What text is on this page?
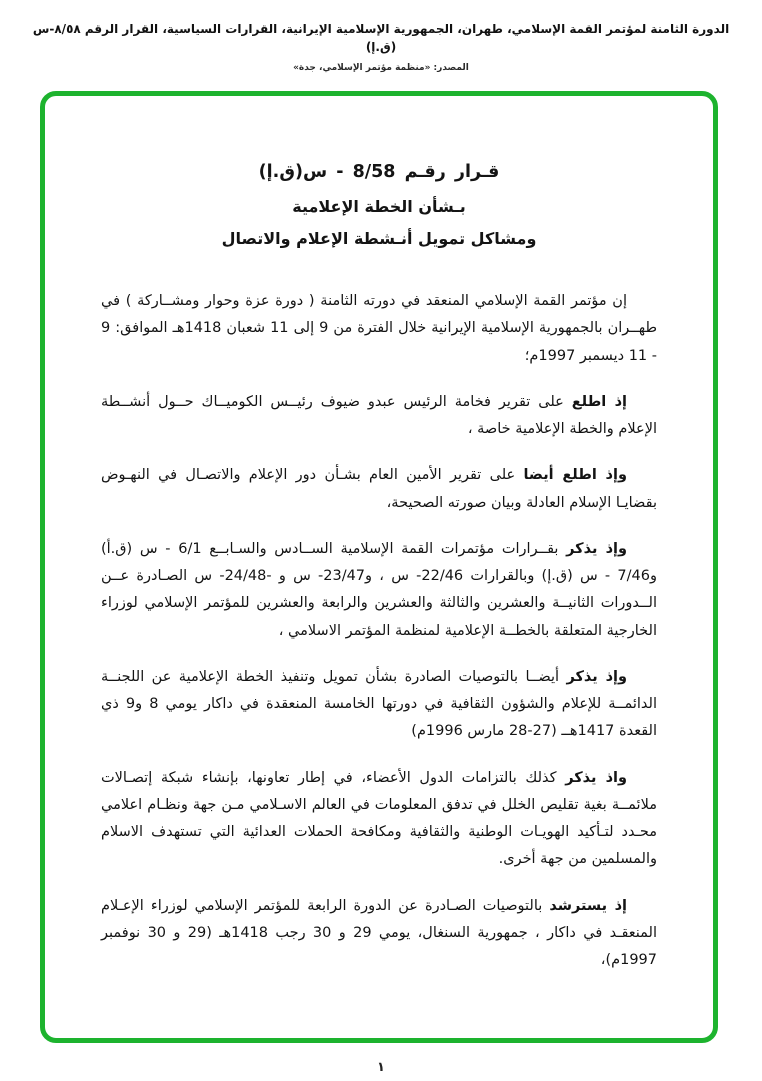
الدورة الثامنة لمؤتمر القمة الإسلامي، طهران، الجمهورية الإسلامية الإيرانية، القرارات السياسية، القرار الرقم ٨/٥٨-س (ق.إ)
المصدر: «منظمة مؤتمر الإسلامي، جدة»
قـرار رقـم 8/58 - س(ق.إ)
بـشأن الخطة الإعلامية
ومشاكل تمويل أنـشطة الإعلام والاتصال

إن مؤتمر القمة الإسلامي المنعقد في دورته الثامنة ( دورة عزة وحوار ومشــاركة ) في طهــران بالجمهورية الإسلامية الإيرانية خلال الفترة من 9 إلى 11 شعبان 1418هـ الموافق: 9 - 11 ديسمبر 1997م؛

إذ اطلع على تقرير فخامة الرئيس عبدو ضيوف رئيــس الكوميــاك حــول أنشــطة الإعلام والخطة الإعلامية خاصة ،

وإذ اطلع أيضا على تقرير الأمين العام بشـأن دور الإعلام والاتصـال في النهـوض بقضايـا الإسلام العادلة وبيان صورته الصحيحة،

وإذ يذكر بقــرارات مؤتمرات القمة الإسلامية الســادس والسـابــع 6/1 - س (ق.أ) و7/46 - س (ق.إ) وبالقرارات 22/46- س ، و23/47- س و -24/48- س الصـادرة عــن الــدورات الثانيــة والعشرين والثالثة والعشرين والرابعة والعشرين للمؤتمر الإسلامي لوزراء الخارجية المتعلقة بالخطــة الإعلامية لمنظمة المؤتمر الاسلامي ،

وإذ يذكر أيضــا بالتوصيات الصادرة بشأن تمويل وتنفيذ الخطة الإعلامية عن اللجنــة الدائمــة للإعلام والشؤون الثقافية في دورتها الخامسة المنعقدة في داكار يومي 8 و9 ذي القعدة 1417هــ (27-28 مارس 1996م)

واذ يذكر كذلك بالتزامات الدول الأعضاء، في إطار تعاونها، بإنشاء شبكة إتصـالات ملائمــة بغية تقليص الخلل في تدفق المعلومات في العالم الاسـلامي مـن جهة ونظـام اعلامي محـدد لتـأكيد الهويـات الوطنية والثقافية ومكافحة الحملات العدائية التي تستهدف الاسلام والمسلمين من جهة أخرى.

إذ يسترشد بالتوصيات الصـادرة عن الدورة الرابعة للمؤتمر الإسلامي لوزراء الإعـلام المنعقـد في داكار ، جمهورية السنغال، يومي 29 و 30 رجب 1418هـ (29 و 30 نوفمبر 1997م)،

١
